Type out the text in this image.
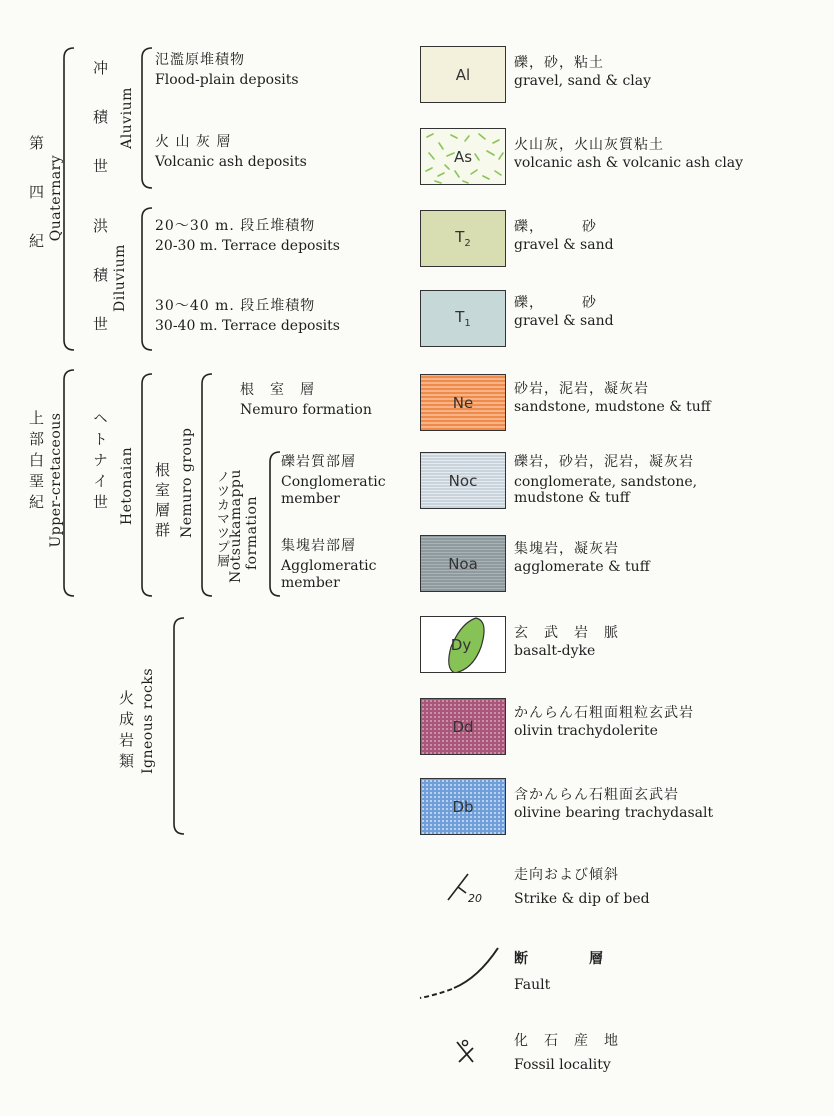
第 四 紀 Quaternary
冲 積 世 Aluvium
洪 積 世 Diluvium
上部白堊紀 Upper-cretaceous ヘトナイ世 Hetonaian 根室層群 Nemuro group ノツカマツプ層 Notsukamappu formation
火成岩類 Igneous rocks
氾濫原堆積物
Flood-plain deposits
火 山 灰 層
Volcanic ash deposits
20～30 m. 段丘堆積物
20-30 m. Terrace deposits
30～40 m. 段丘堆積物
30-40 m. Terrace deposits
根　室　層
Nemuro formation
礫岩質部層
Conglomeratic
member
集塊岩部層
Agglomeratic
member
Al
As
$T_2$
$T_1$
Ne
Noc
Noa
Dy
Dd
Db
礫，砂，粘土
gravel, sand & clay
火山灰，火山灰質粘土
volcanic ash & volcanic ash clay
礫，　　　砂
gravel & sand
礫，　　　砂
gravel & sand
砂岩，泥岩，凝灰岩
sandstone, mudstone & tuff
礫岩，砂岩，泥岩，凝灰岩
conglomerate, sandstone,
mudstone & tuff
集塊岩，凝灰岩
agglomerate & tuff
玄　武　岩　脈
basalt-dyke
かんらん石粗面粗粒玄武岩
olivin trachydolerite
含かんらん石粗面玄武岩
olivine bearing trachydasalt
20
走向および傾斜
Strike & dip of bed
断　　　　層
Fault
化　石　産　地
Fossil locality
